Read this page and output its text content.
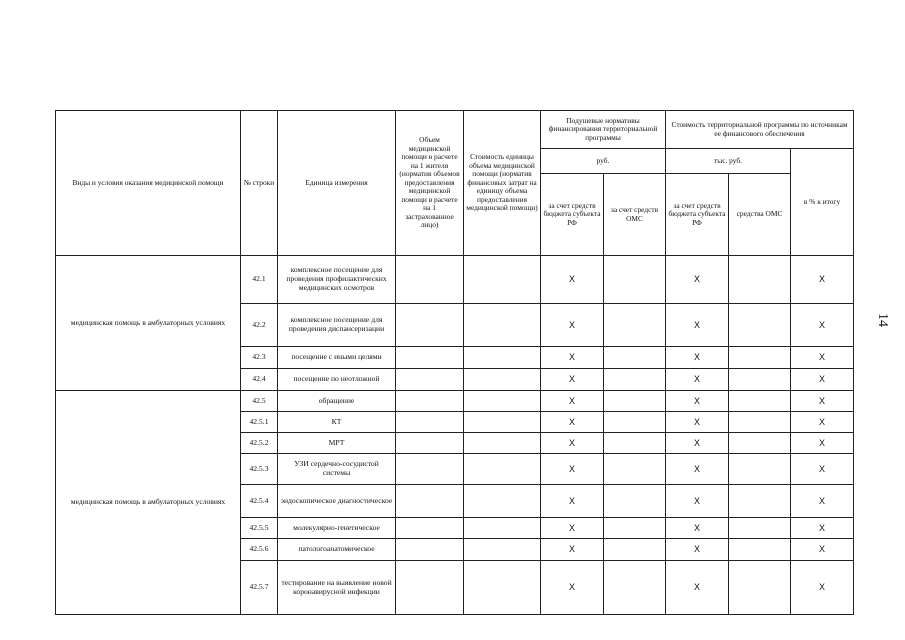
Виды и условия оказания медицинской помощи	№ строки	Единица измерения	Объем медицинской помощи в расчете на 1 жителя (норматив объемов предоставления медицинской помощи в расчете на 1 застрахованное лицо)	Стоимость единицы объема медицинской помощи (норматив финансовых затрат на единицу объема предоставления медицинской помощи)	Подушевые нормативы финансирования территориальной программы		Стоимость территориальной программы по источникам ее финансового обеспечения		
					руб.		тыс. руб.		в % к итогу
					за счет средств бюджета субъекта РФ	за счет средств ОМС	за счет средств бюджета субъекта РФ	средства ОМС	
медицинская помощь в амбулаторных условиях	42.1	комплексное посещение для проведения профилактических медицинских осмотров			X		X		X
	42.2	комплексное посещение для проведения диспансеризации			X		X		X
	42.3	посещение с иными целями			X		X		X
	42.4	посещение по неотложной			X		X		X
медицинская помощь в амбулаторных условиях	42.5	обращение			X		X		X
	42.5.1	КТ			X		X		X
	42.5.2	МРТ			X		X		X
	42.5.3	УЗИ сердечно-сосудистой системы			X		X		X
	42.5.4	эндоскопическое диагностическое			X		X		X
	42.5.5	молекулярно-генетическое			X		X		X
	42.5.6	патологоанатомическое			X		X		X
	42.5.7	тестирование на выявление новой коронавирусной инфекции			X		X		X
14
